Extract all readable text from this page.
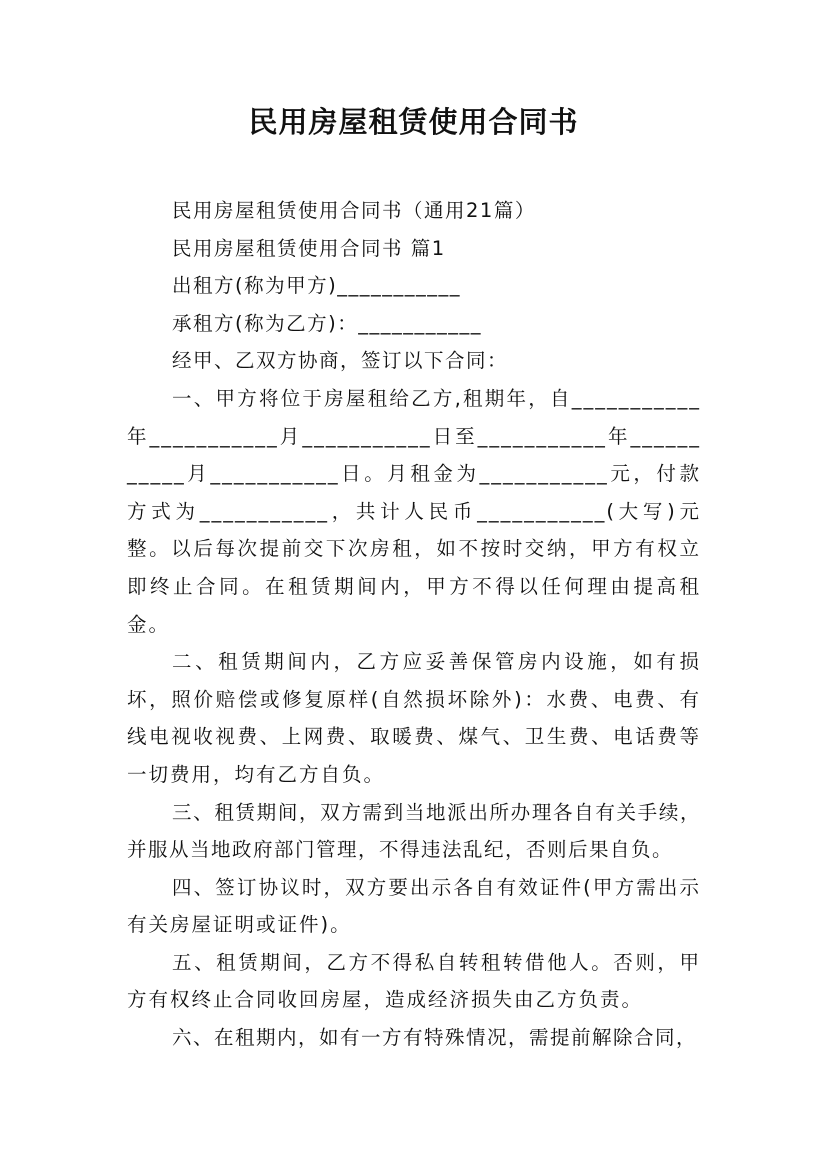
民用房屋租赁使用合同书

民用房屋租赁使用合同书（通用21篇）

民用房屋租赁使用合同书 篇1

出租方(称为甲方)___________

承租方(称为乙方)：___________

经甲、乙双方协商，签订以下合同：

一、甲方将位于房屋租给乙方,租期年，自___________年___________月___________日至___________年___________月___________日。月租金为___________元，付款方式为___________，共计人民币___________(大写)元整。以后每次提前交下次房租，如不按时交纳，甲方有权立即终止合同。在租赁期间内，甲方不得以任何理由提高租金。

二、租赁期间内，乙方应妥善保管房内设施，如有损坏，照价赔偿或修复原样(自然损坏除外)：水费、电费、有线电视收视费、上网费、取暖费、煤气、卫生费、电话费等一切费用，均有乙方自负。

三、租赁期间，双方需到当地派出所办理各自有关手续，并服从当地政府部门管理，不得违法乱纪，否则后果自负。

四、签订协议时，双方要出示各自有效证件(甲方需出示有关房屋证明或证件)。

五、租赁期间，乙方不得私自转租转借他人。否则，甲方有权终止合同收回房屋，造成经济损失由乙方负责。

六、在租期内，如有一方有特殊情况，需提前解除合同，
